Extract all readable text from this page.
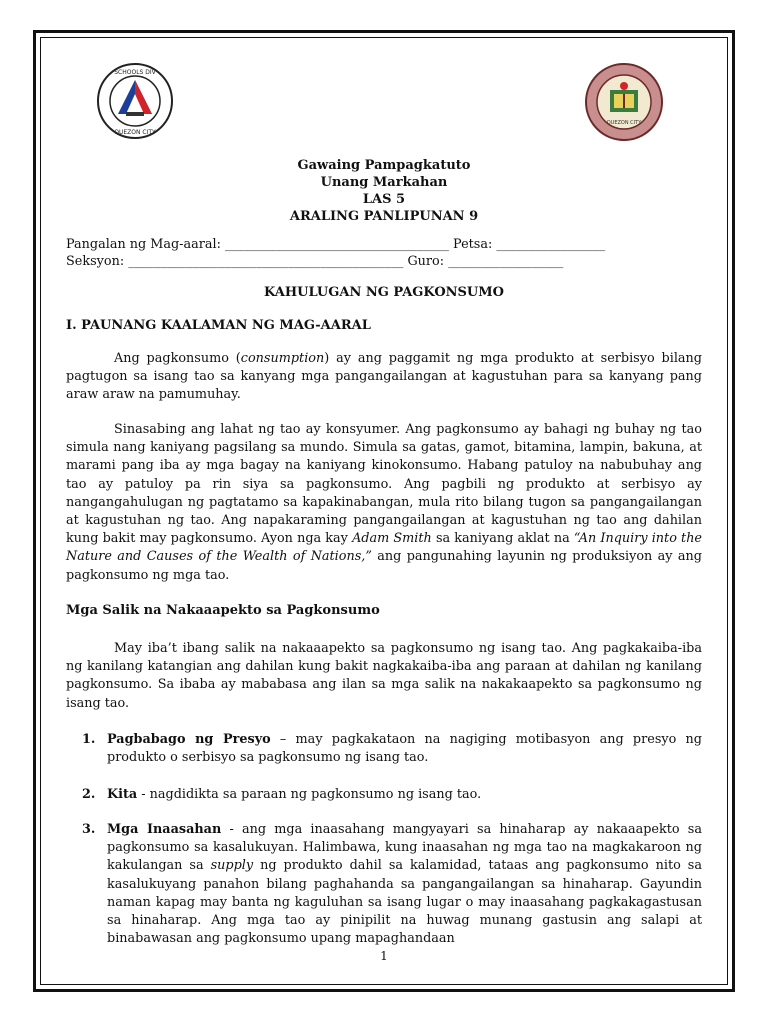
SCHOOLS DIV
QUEZON CITY
QUEZON CITY
Gawaing Pampagkatuto
Unang Markahan
LAS 5
ARALING PANLIPUNAN 9
Pangalan ng Mag-aaral: ___________________________________ Petsa: _________________
Seksyon: ___________________________________________ Guro: __________________
KAHULUGAN NG PAGKONSUMO
I. PAUNANG KAALAMAN NG MAG-AARAL
Ang pagkonsumo (consumption) ay ang paggamit ng mga produkto at serbisyo bilang pagtugon sa isang tao sa kanyang mga pangangailangan at kagustuhan para sa kanyang pang araw araw na pamumuhay.
Sinasabing ang lahat ng tao ay konsyumer. Ang pagkonsumo ay bahagi ng buhay ng tao simula nang kaniyang pagsilang sa mundo. Simula sa gatas, gamot, bitamina, lampin, bakuna, at marami pang iba ay mga bagay na kaniyang kinokonsumo. Habang patuloy na nabubuhay ang tao ay patuloy pa rin siya sa pagkonsumo. Ang pagbili ng produkto at serbisyo ay nangangahulugan ng pagtatamo sa kapakinabangan, mula rito bilang tugon sa pangangailangan at kagustuhan ng tao. Ang napakaraming pangangailangan at kagustuhan ng tao ang dahilan kung bakit may pagkonsumo. Ayon nga kay Adam Smith sa kaniyang aklat na “An Inquiry into the Nature and Causes of the Wealth of Nations,” ang pangunahing layunin ng produksiyon ay ang pagkonsumo ng mga tao.
Mga Salik na Nakaaapekto sa Pagkonsumo
May iba’t ibang salik na nakaaapekto sa pagkonsumo ng isang tao. Ang pagkakaiba-iba ng kanilang katangian ang dahilan kung bakit nagkakaiba-iba ang paraan at dahilan ng kanilang pagkonsumo. Sa ibaba ay mababasa ang ilan sa mga salik na nakakaapekto sa pagkonsumo ng isang tao.
1. Pagbabago ng Presyo – may pagkakataon na nagiging motibasyon ang presyo ng produkto o serbisyo sa pagkonsumo ng isang tao.
2. Kita - nagdidikta sa paraan ng pagkonsumo ng isang tao.
3. Mga Inaasahan - ang mga inaasahang mangyayari sa hinaharap ay nakaaapekto sa pagkonsumo sa kasalukuyan. Halimbawa, kung inaasahan ng mga tao na magkakaroon ng kakulangan sa supply ng produkto dahil sa kalamidad, tataas ang pagkonsumo nito sa kasalukuyang panahon bilang paghahanda sa pangangailangan sa hinaharap. Gayundin naman kapag may banta ng kaguluhan sa isang lugar o may inaasahang pagkakagastusan sa hinaharap. Ang mga tao ay pinipilit na huwag munang gastusin ang salapi at binabawasan ang pagkonsumo upang mapaghandaan
1
